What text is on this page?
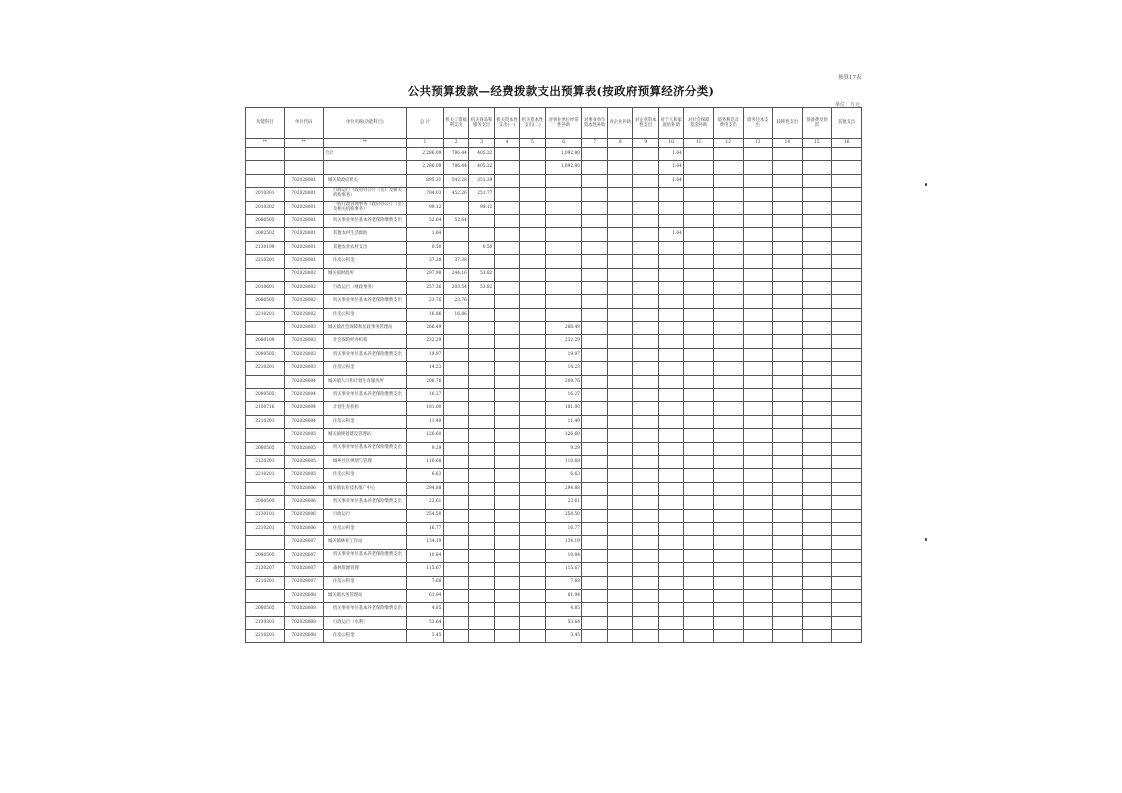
预算17表
公共预算拨款—经费拨款支出预算表(按政府预算经济分类)
单位：万元
功能科目	单位代码	单位名称(功能科目)	总 计	机关工资福利支出	机关商品和服务支出	机关资本性支出(一)	机关资本性支出(二)	对事业单位经常性补助	对事业单位资本性补助	对企业补助	对企业资本性支出	对个人和家庭的补助	对社会保障基金补助	债务利息及费用支出	债务还本支出	转移性支出	预备费及预留	其他支出
**	**	**	1	2	3	4	5	6	7	8	9	10	11	12	13	14	15	16
		合计	2,286.09	786.44	405.22			1,092.80				1.64						
			2,286.09	786.44	405.22			1,092.80				1.64						
	702028001	城关镇政府机关	895.31	542.28	351.39							1.64						
2010301	702028001	行政运行（政府办公厅（室）及相关机构事务）	704.03	452.26	251.77													
2010302	702028001	一般行政管理事务（政府办公厅（室）及相关机构事务）	99.12		99.12													
2080505	702028001	机关事业单位基本养老保险缴费支出	52.64	52.64														
2082502	702028001	其他农村生活救助	1.64									1.64						
2130199	702028001	其他农业农村支出	0.50		0.50													
2210201	702028001	住房公积金	37.38	37.38														
	702028002	城关镇财政所	297.98	244.16	53.82													
2010601	702028002	行政运行（财政事务）	257.36	203.54	53.82													
2080505	702028002	机关事业单位基本养老保险缴费支出	23.76	23.76														
2210201	702028002	住房公积金	16.86	16.86														
	702028003	城关镇社会保障和民政事务管理站	266.49					266.49										
2080109	702028003	社会保险经办机构	232.29					232.29										
2080505	702028003	机关事业单位基本养老保险缴费支出	19.97					19.97										
2210201	702028003	住房公积金	14.23					14.23										
	702028004	城关镇人口和计划生育服务所	208.76					208.76										
2080505	702028004	机关事业单位基本养老保险缴费支出	16.27					16.27										
2100716	702028004	计划生育机构	181.00					181.00										
2210201	702028004	住房公积金	11.49					11.49										
	702028005	城关镇规划建设管理站	126.60					126.60										
2080505	702028005	机关事业单位基本养老保险缴费支出	9.29					9.29										
2120201	702028005	城乡社区规划与管理	110.68					110.68										
2210201	702028005	住房公积金	6.63					6.63										
	702028006	城关镇农业技术推广中心	294.88					294.88										
2080505	702028006	机关事业单位基本养老保险缴费支出	23.61					23.61										
2130101	702028006	行政运行	254.50					254.50										
2210201	702028006	住房公积金	16.77					16.77										
	702028007	城关镇林业工作站	134.19					134.19										
2080505	702028007	机关事业单位基本养老保险缴费支出	10.84					10.84										
2130207	702028007	森林资源管理	115.67					115.67										
2210201	702028007	住房公积金	7.68					7.68										
	702028008	城关镇水务管理站	61.94					61.94										
2080505	702028008	机关事业单位基本养老保险缴费支出	4.85					4.85										
2130301	702028008	行政运行（水利）	53.64					53.64										
2210201	702028008	住房公积金	3.45					3.45										
